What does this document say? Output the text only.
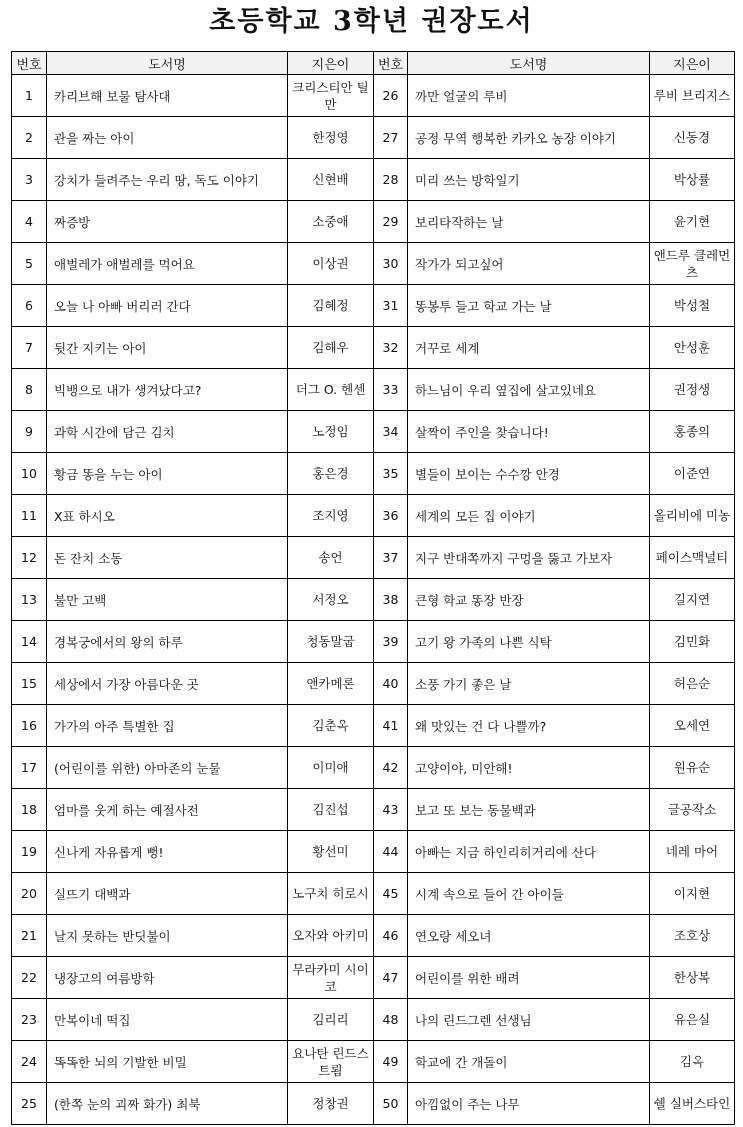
초등학교 3학년 권장도서
번호	도서명	지은이	번호	도서명	지은이
1	카리브해 보물 탐사대	크리스티안 틸만	26	까만 얼굴의 루비	루비 브리지스
2	관을 짜는 아이	한정영	27	공정 무역 행복한 카카오 농장 이야기	신동경
3	강치가 들려주는 우리 땅, 독도 이야기	신현배	28	미리 쓰는 방학일기	박상률
4	짜증방	소중애	29	보리타작하는 날	윤기현
5	애벌레가 애벌레를 먹어요	이상권	30	작가가 되고싶어	앤드루 클레먼츠
6	오늘 나 아빠 버리러 간다	김혜정	31	똥봉투 들고 학교 가는 날	박성철
7	뒷간 지키는 아이	김해우	32	거꾸로 세계	안성훈
8	빅뱅으로 내가 생겨났다고?	더그 O. 헨센	33	하느님이 우리 옆집에 살고있네요	권정생
9	과학 시간에 담근 김치	노정임	34	살짝이 주인을 찾습니다!	홍종의
10	황금 똥을 누는 아이	홍은경	35	별들이 보이는 수수깡 안경	이준연
11	X표 하시오	조지영	36	세계의 모든 집 이야기	올리비에 미농
12	돈 잔치 소동	송언	37	지구 반대쪽까지 구멍을 뚫고 가보자	페이스맥널티
13	불만 고백	서정오	38	큰형 학교 똥장 반장	길지연
14	경복궁에서의 왕의 하루	청동말굽	39	고기 왕 가족의 나쁜 식탁	김민화
15	세상에서 가장 아름다운 곳	앤카메론	40	소풍 가기 좋은 날	허은순
16	가가의 아주 특별한 집	김춘옥	41	왜 맛있는 건 다 나쁠까?	오세연
17	(어린이를 위한) 아마존의 눈물	이미애	42	고양이야, 미안해!	원유순
18	엄마를 웃게 하는 예절사전	김진섭	43	보고 또 보는 동물백과	글공작소
19	신나게 자유롭게 뻥!	황선미	44	아빠는 지금 하인리히거리에 산다	네레 마어
20	실뜨기 대백과	노구치 히로시	45	시계 속으로 들어 간 아이들	이지현
21	날지 못하는 반딧불이	오자와 아키미	46	연오랑 세오녀	조호상
22	냉장고의 여름방학	무라카미 시이코	47	어린이를 위한 배려	한상복
23	만복이네 떡집	김리리	48	나의 린드그렌 선생님	유은실
24	똑똑한 뇌의 기발한 비밀	요나탄 린드스트룀	49	학교에 간 개돌이	김옥
25	(한쪽 눈의 괴짜 화가) 최북	정창권	50	아낌없이 주는 나무	쉘 실버스타인
